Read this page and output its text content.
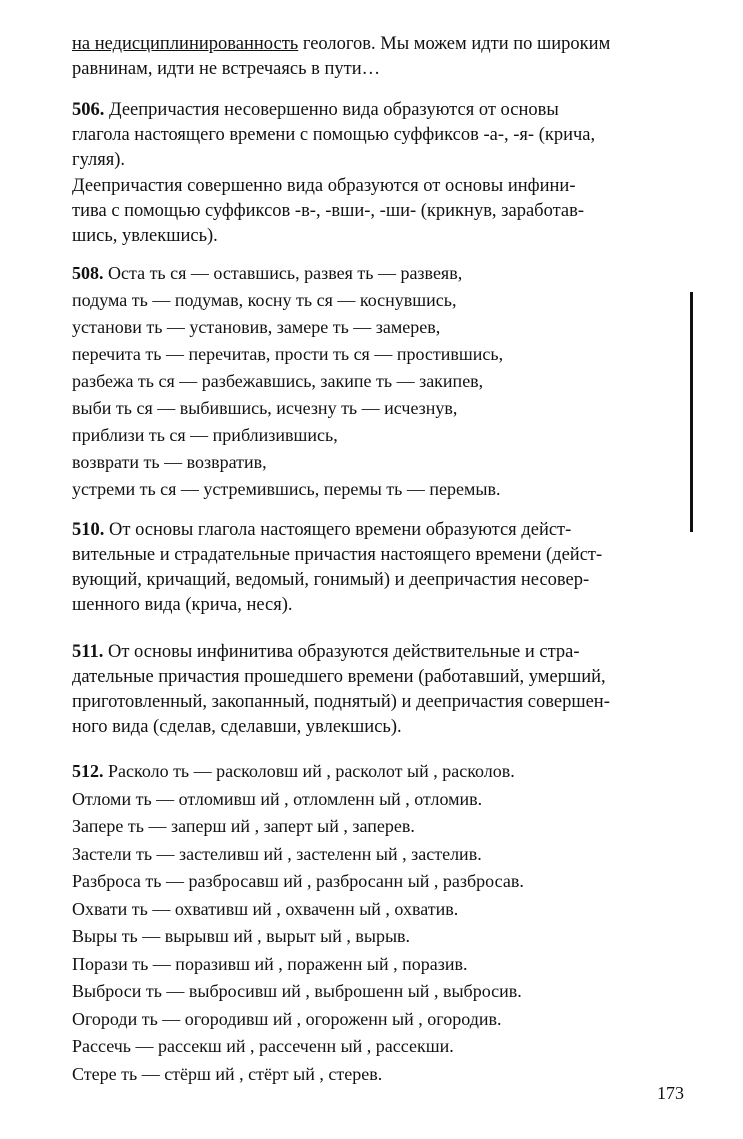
на недисциплинированность геологов. Мы можем идти по широким
равнинам, идти не встречаясь в пути…
506. Деепричастия несовершенно вида образуются от основы
глагола настоящего времени с помощью суффиксов -а-, -я- (крича,
гуляя).
Деепричастия совершенно вида образуются от основы инфини-
тива с помощью суффиксов -в-, -вши-, -ши- (крикнув, заработав-
шись, увлекшись).
508. Оста ть ся — оставшись, развея ть — развеяв,
подума ть — подумав, косну ть ся — коснувшись,
установи ть — установив, замере ть — замерев,
перечита ть — перечитав, прости ть ся — простившись,
разбежа ть ся — разбежавшись, закипе ть — закипев,
выби ть ся — выбившись, исчезну ть — исчезнув,
приблизи ть ся — приблизившись,
возврати ть — возвратив,
устреми ть ся — устремившись, перемы ть — перемыв.
510. От основы глагола настоящего времени образуются дейст-
вительные и страдательные причастия настоящего времени (дейст-
вующий, кричащий, ведомый, гонимый) и деепричастия несовер-
шенного вида (крича, неся).
511. От основы инфинитива образуются действительные и стра-
дательные причастия прошедшего времени (работавший, умерший,
приготовленный, закопанный, поднятый) и деепричастия совершен-
ного вида (сделав, сделавши, увлекшись).
512. Расколо ть — расколовш ий , расколот ый , расколов.
Отломи ть — отломивш ий , отломленн ый , отломив.
Запере ть — заперш ий , заперт ый , заперев.
Застели ть — застеливш ий , застеленн ый , застелив.
Разброса ть — разбросавш ий , разбросанн ый , разбросав.
Охвати ть — охвативш ий , охваченн ый , охватив.
Выры ть — вырывш ий , вырыт ый , вырыв.
Порази ть — поразивш ий , пораженн ый , поразив.
Выброси ть — выбросивш ий , выброшенн ый , выбросив.
Огороди ть — огородивш ий , огороженн ый , огородив.
Рассечь — рассекш ий , рассеченн ый , рассекши.
Стере ть — стёрш ий , стёрт ый , стерев.
173
